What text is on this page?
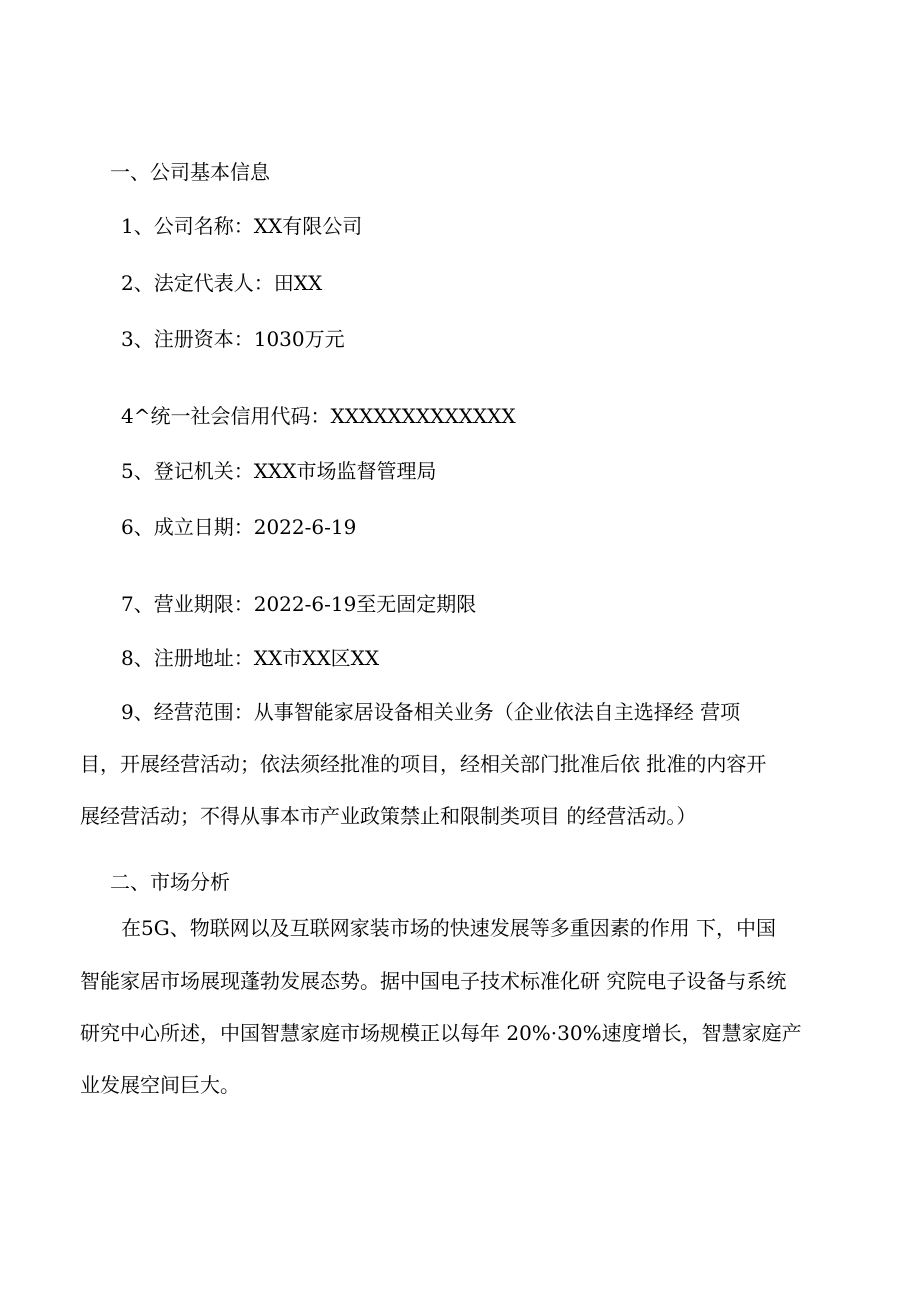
一、公司基本信息

1、公司名称：XX有限公司

2、法定代表人：田XX

3、注册资本：1030万元

4^统一社会信用代码：XXXXXXXXXXXXX

5、登记机关：XXX市场监督管理局

6、成立日期：2022-6-19

7、营业期限：2022-6-19至无固定期限

8、注册地址：XX市XX区XX

9、经营范围：从事智能家居设备相关业务（企业依法自主选择经 营项

目，开展经营活动；依法须经批准的项目，经相关部门批准后依 批准的内容开

展经营活动；不得从事本市产业政策禁止和限制类项目 的经营活动。）

二、市场分析

在5G、物联网以及互联网家装市场的快速发展等多重因素的作用 下，中国

智能家居市场展现蓬勃发展态势。据中国电子技术标准化研 究院电子设备与系统

研究中心所述，中国智慧家庭市场规模正以每年 20%·30%速度增长，智慧家庭产

业发展空间巨大。
